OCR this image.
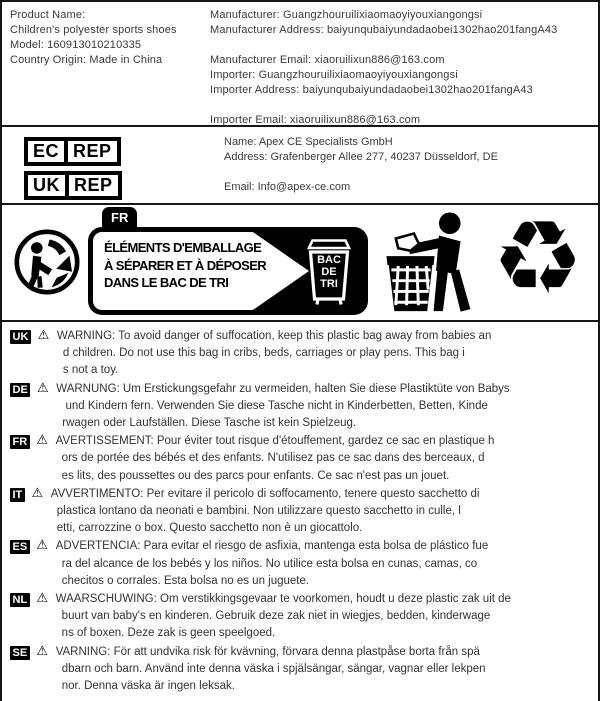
Product Name:
Children's polyester sports shoes
Model: 160913010210335
Country Origin: Made in China
Manufacturer: Guangzhouruilixiaomaoyiyouxiangongsi
Manufacturer Address: baiyunqubaiyundadaobei1302hao201fangA43
Manufacturer Email: xiaoruilixun886@163.com
Importer: Guangzhouruilixiaomaoyiyouxiangongsi
Importer Address: baiyunqubaiyundadaobei1302hao201fangA43
Importer Email: xiaoruilixun886@163.com
EC REP

UK REP
Name: Apex CE Specialists GmbH
Address: Grafenberger Allee 277, 40237 Düsseldorf, DE
Email: Info@apex-ce.com
FR
ÉLÉMENTS D'EMBALLAGE
À SÉPARER ET À DÉPOSER
DANS LE BAC DE TRI
BAC
DE
TRI ♻
UK ⚠ WARNING: To avoid danger of suffocation, keep this plastic bag away from babies an
d children. Do not use this bag in cribs, beds, carriages or play pens. This bag i
s not a toy.
DE ⚠ WARNUNG: Um Erstickungsgefahr zu vermeiden, halten Sie diese Plastiktüte von Babys
und Kindern fern. Verwenden Sie diese Tasche nicht in Kinderbetten, Betten, Kinde
rwagen oder Laufställen. Diese Tasche ist kein Spielzeug.
FR ⚠ AVERTISSEMENT: Pour éviter tout risque d'étouffement, gardez ce sac en plastique h
ors de portée des bébés et des enfants. N'utilisez pas ce sac dans des berceaux, d
es lits, des poussettes ou des parcs pour enfants. Ce sac n'est pas un jouet.
IT ⚠ AVVERTIMENTO: Per evitare il pericolo di soffocamento, tenere questo sacchetto di
plastica lontano da neonati e bambini. Non utilizzare questo sacchetto in culle, l
etti, carrozzine o box. Questo sacchetto non è un giocattolo.
ES ⚠ ADVERTENCIA: Para evitar el riesgo de asfixia, mantenga esta bolsa de plástico fue
ra del alcance de los bebés y los niños. No utilice esta bolsa en cunas, camas, co
checitos o corrales. Esta bolsa no es un juguete.
NL ⚠ WAARSCHUWING: Om verstikkingsgevaar te voorkomen, houdt u deze plastic zak uit de
buurt van baby's en kinderen. Gebruik deze zak niet in wiegjes, bedden, kinderwage
ns of boxen. Deze zak is geen speelgoed.
SE ⚠ VARNING: För att undvika risk för kvävning, förvara denna plastpåse borta från spä
dbarn och barn. Använd inte denna väska i spjälsängar, sängar, vagnar eller lekpen
nor. Denna väska är ingen leksak.
